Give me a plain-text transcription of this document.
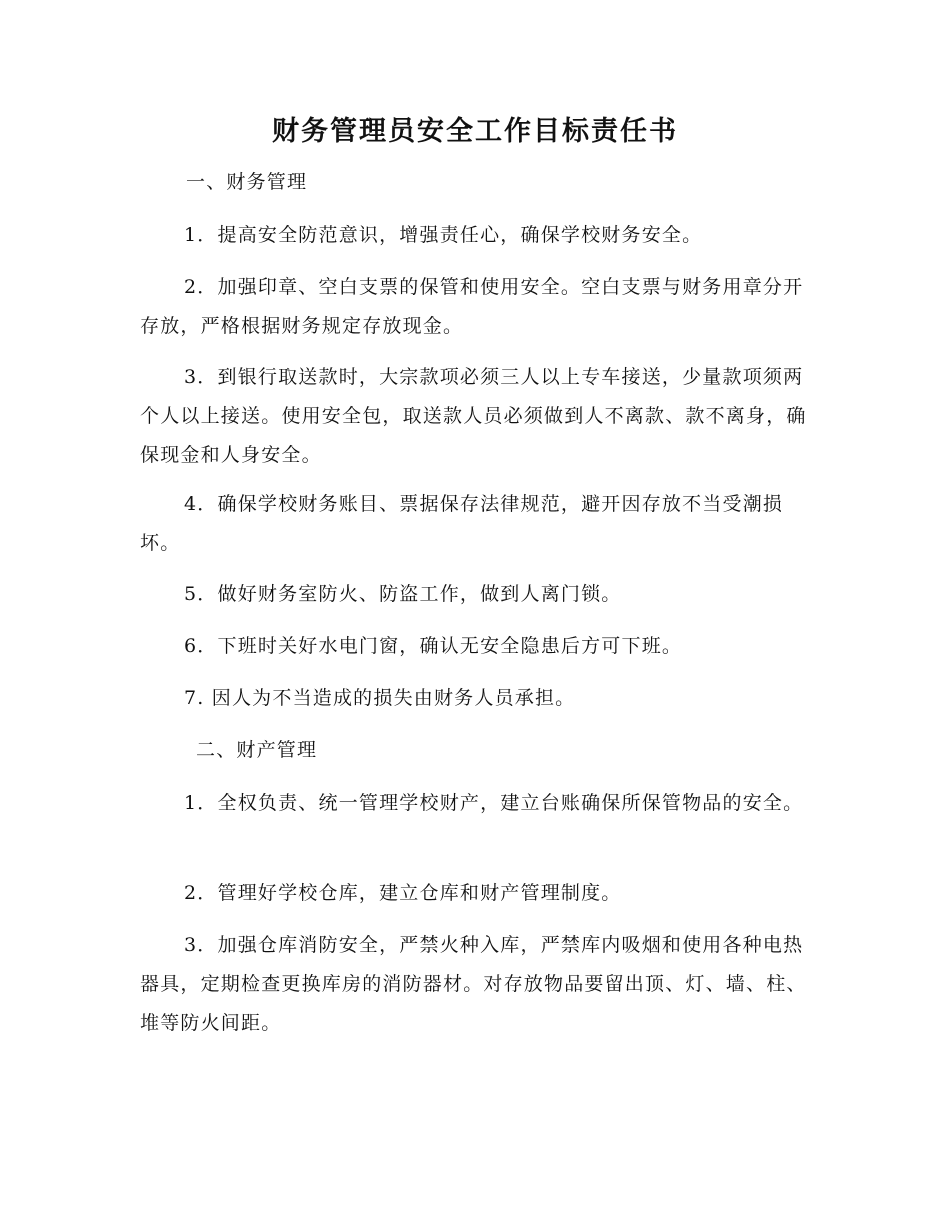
财务管理员安全工作目标责任书

一、财务管理

1．提高安全防范意识，增强责任心，确保学校财务安全。

2．加强印章、空白支票的保管和使用安全。空白支票与财务用章分开存放，严格根据财务规定存放现金。

3．到银行取送款时，大宗款项必须三人以上专车接送，少量款项须两个人以上接送。使用安全包，取送款人员必须做到人不离款、款不离身，确保现金和人身安全。

4．确保学校财务账目、票据保存法律规范，避开因存放不当受潮损坏。

5．做好财务室防火、防盗工作，做到人离门锁。

6．下班时关好水电门窗，确认无安全隐患后方可下班。

7. 因人为不当造成的损失由财务人员承担。

二、财产管理

1．全权负责、统一管理学校财产，建立台账确保所保管物品的安全。

2．管理好学校仓库，建立仓库和财产管理制度。

3．加强仓库消防安全，严禁火种入库，严禁库内吸烟和使用各种电热器具，定期检查更换库房的消防器材。对存放物品要留出顶、灯、墙、柱、堆等防火间距。
